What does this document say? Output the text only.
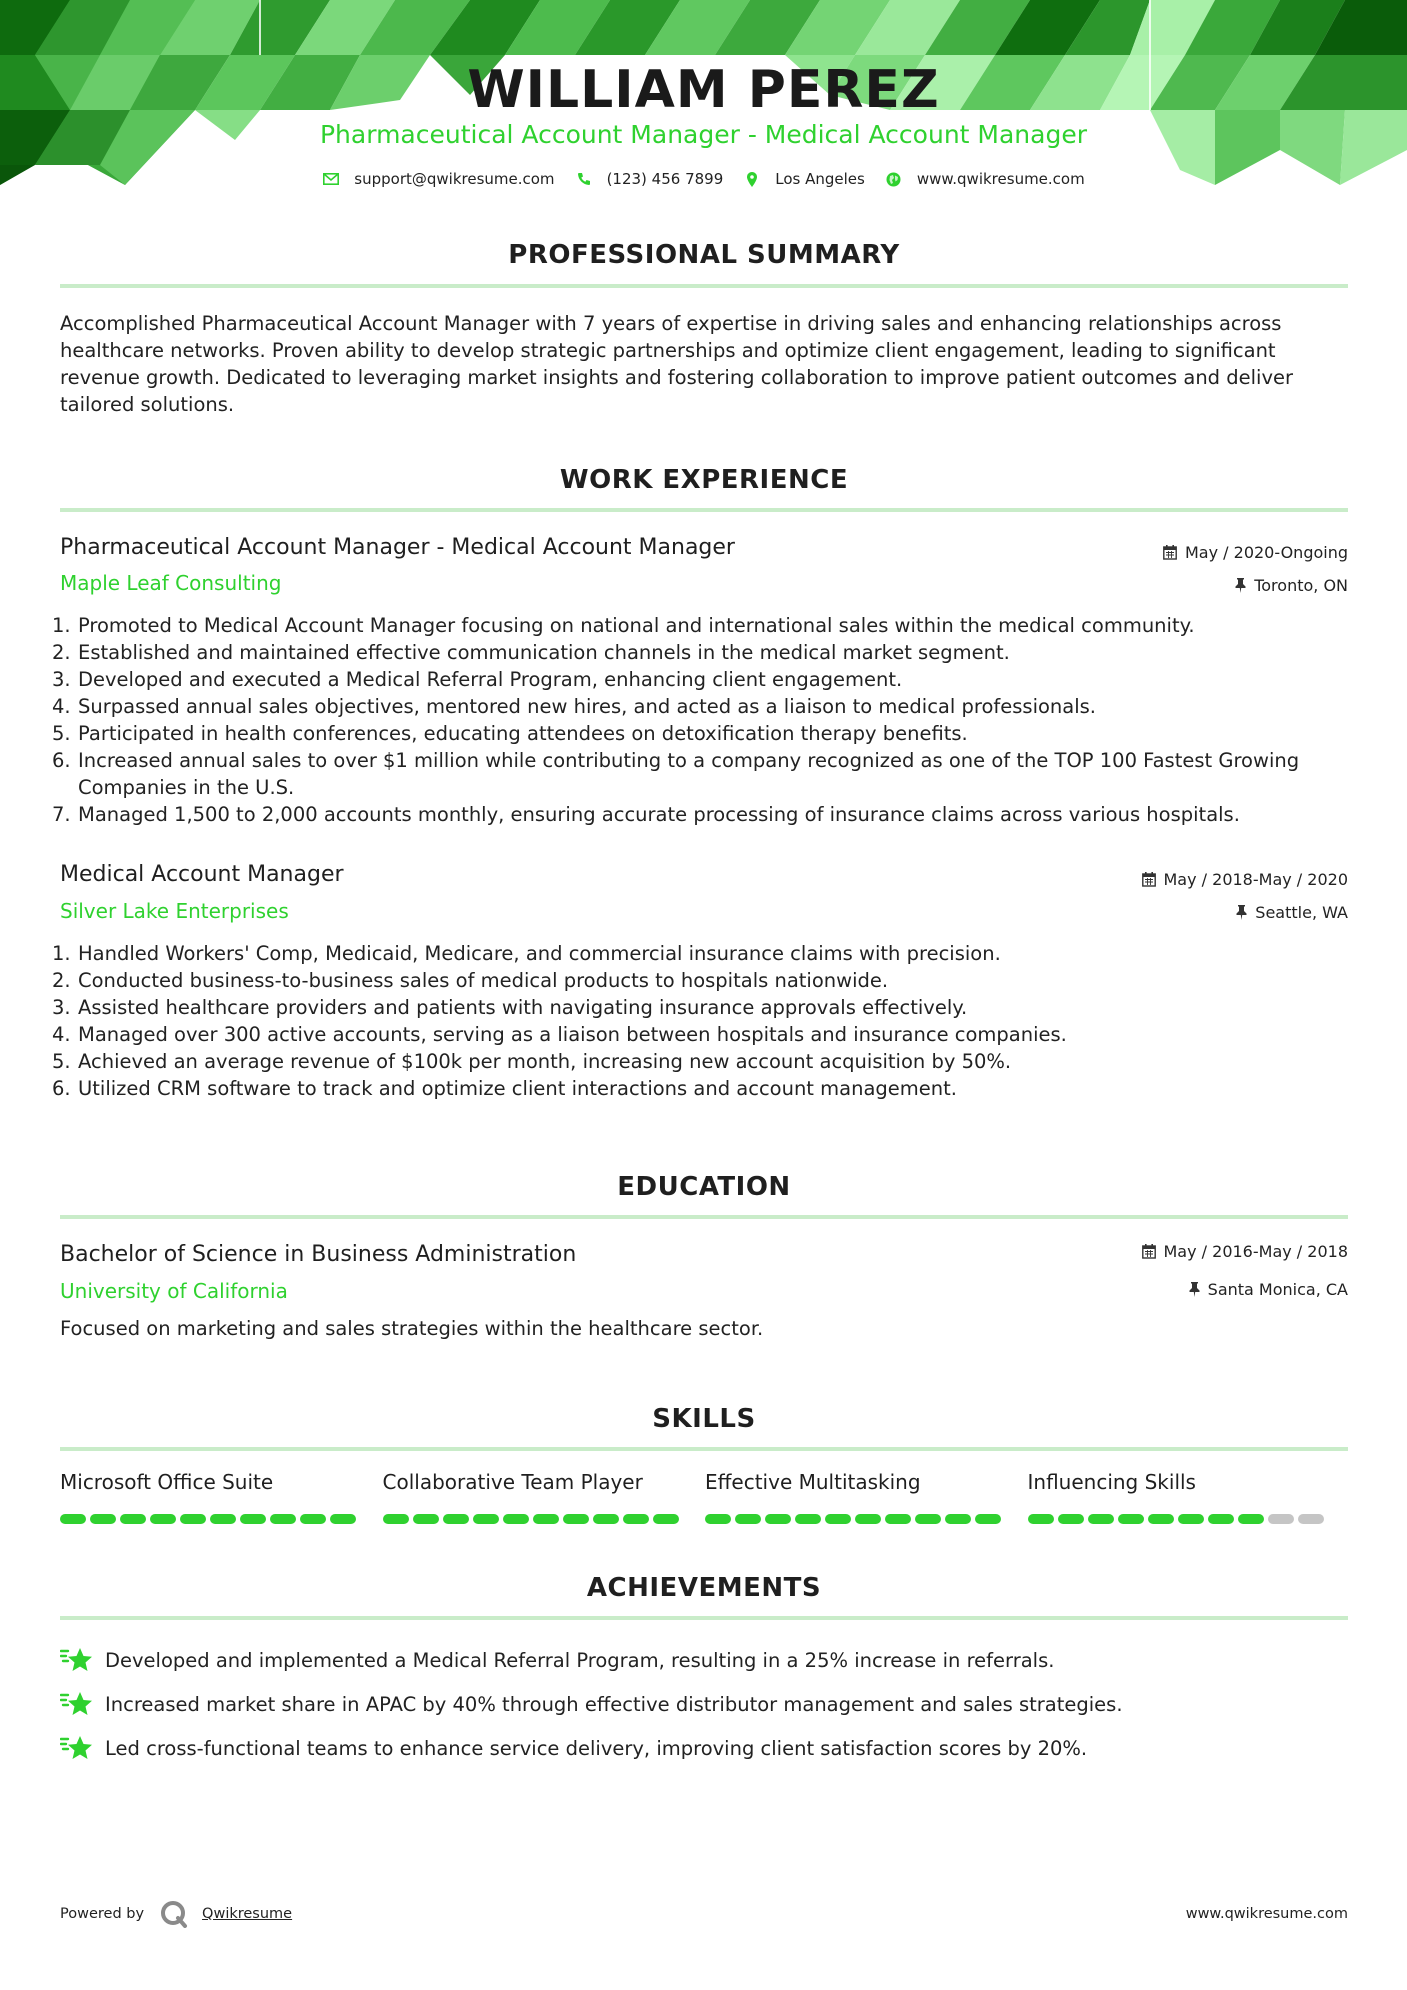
WILLIAM PEREZ
Pharmaceutical Account Manager - Medical Account Manager
support@qwikresume.com	(123) 456 7899	Los Angeles	www.qwikresume.com
PROFESSIONAL SUMMARY
Accomplished Pharmaceutical Account Manager with 7 years of expertise in driving sales and enhancing relationships across
healthcare networks. Proven ability to develop strategic partnerships and optimize client engagement, leading to significant
revenue growth. Dedicated to leveraging market insights and fostering collaboration to improve patient outcomes and deliver
tailored solutions.
WORK EXPERIENCE
Pharmaceutical Account Manager - Medical Account Manager	May / 2020-Ongoing
Maple Leaf Consulting	Toronto, ON
1. Promoted to Medical Account Manager focusing on national and international sales within the medical community.
2. Established and maintained effective communication channels in the medical market segment.
3. Developed and executed a Medical Referral Program, enhancing client engagement.
4. Surpassed annual sales objectives, mentored new hires, and acted as a liaison to medical professionals.
5. Participated in health conferences, educating attendees on detoxification therapy benefits.
6. Increased annual sales to over $1 million while contributing to a company recognized as one of the TOP 100 Fastest Growing
Companies in the U.S.
7. Managed 1,500 to 2,000 accounts monthly, ensuring accurate processing of insurance claims across various hospitals.
Medical Account Manager	May / 2018-May / 2020
Silver Lake Enterprises	Seattle, WA
1. Handled Workers' Comp, Medicaid, Medicare, and commercial insurance claims with precision.
2. Conducted business-to-business sales of medical products to hospitals nationwide.
3. Assisted healthcare providers and patients with navigating insurance approvals effectively.
4. Managed over 300 active accounts, serving as a liaison between hospitals and insurance companies.
5. Achieved an average revenue of $100k per month, increasing new account acquisition by 50%.
6. Utilized CRM software to track and optimize client interactions and account management.
EDUCATION
Bachelor of Science in Business Administration	May / 2016-May / 2018
University of California	Santa Monica, CA
Focused on marketing and sales strategies within the healthcare sector.
SKILLS
Microsoft Office Suite	Collaborative Team Player	Effective Multitasking	Influencing Skills
ACHIEVEMENTS
Developed and implemented a Medical Referral Program, resulting in a 25% increase in referrals.
Increased market share in APAC by 40% through effective distributor management and sales strategies.
Led cross-functional teams to enhance service delivery, improving client satisfaction scores by 20%.
Powered by	Qwikresume	www.qwikresume.com
